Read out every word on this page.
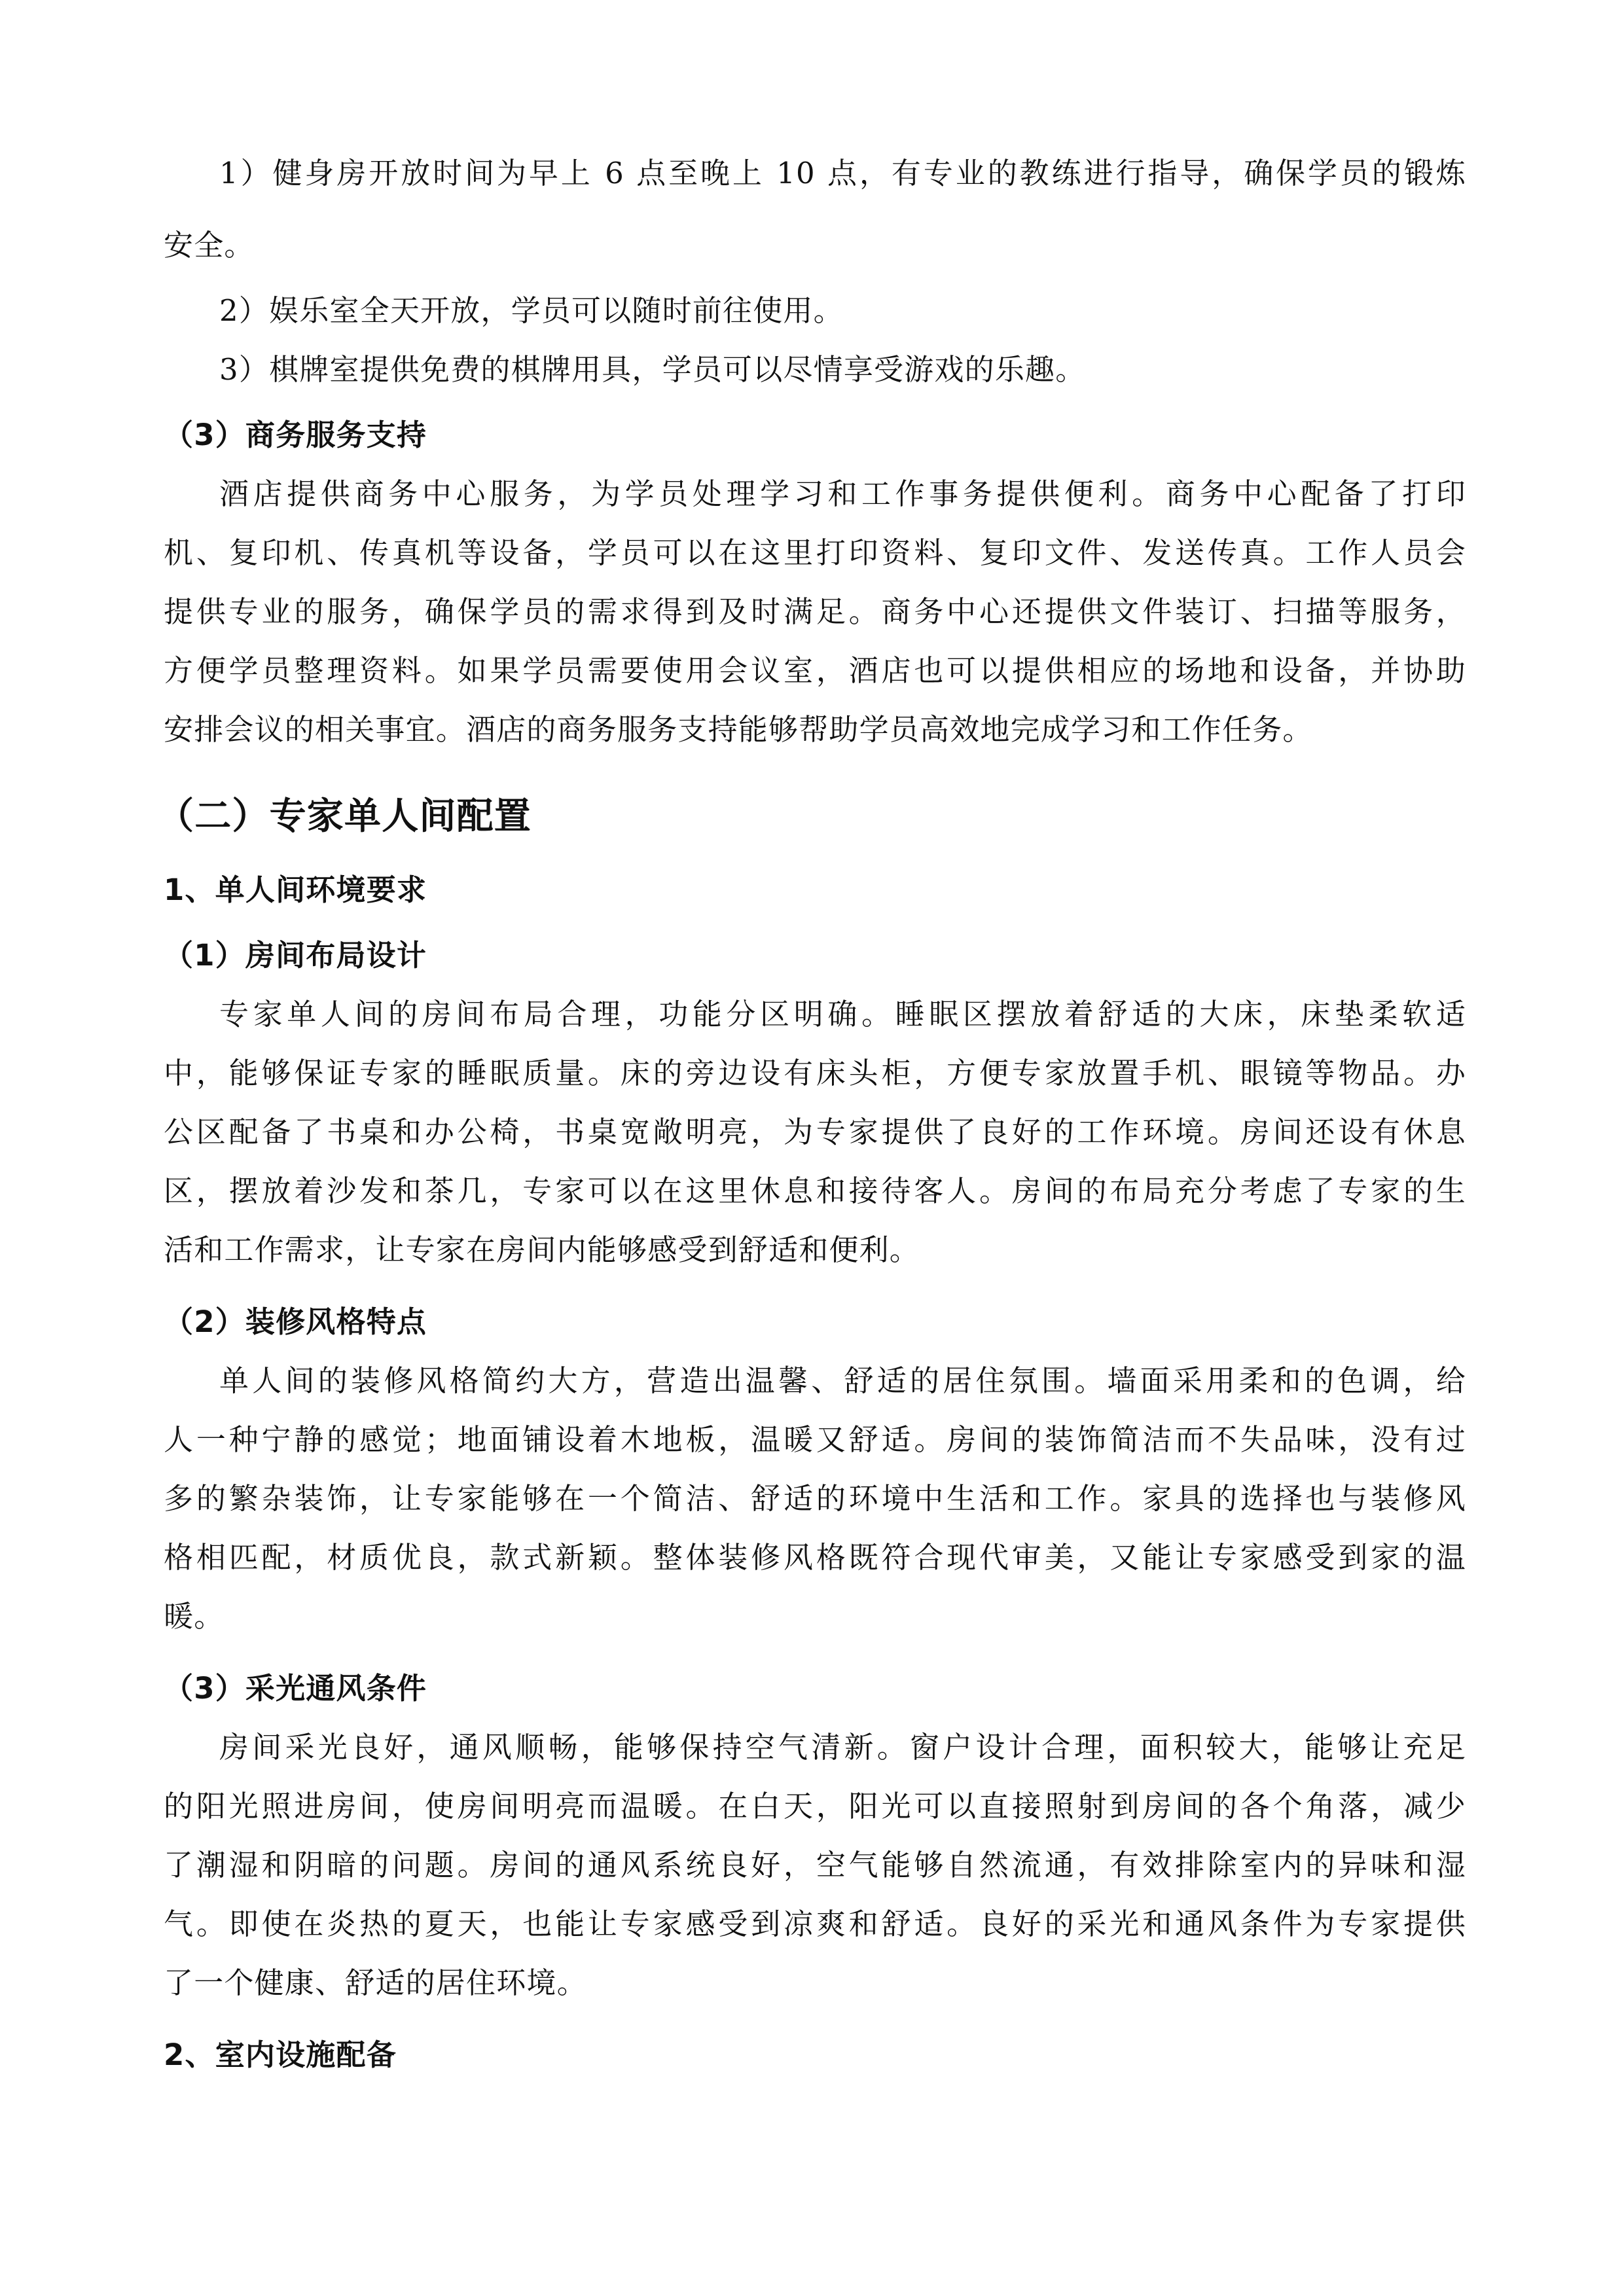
1）健身房开放时间为早上 6 点至晚上 10 点，有专业的教练进行指导，确保学员的锻炼
安全。
2）娱乐室全天开放，学员可以随时前往使用。
3）棋牌室提供免费的棋牌用具，学员可以尽情享受游戏的乐趣。
（3）商务服务支持
酒店提供商务中心服务，为学员处理学习和工作事务提供便利。商务中心配备了打印
机、复印机、传真机等设备，学员可以在这里打印资料、复印文件、发送传真。工作人员会
提供专业的服务，确保学员的需求得到及时满足。商务中心还提供文件装订、扫描等服务，
方便学员整理资料。如果学员需要使用会议室，酒店也可以提供相应的场地和设备，并协助
安排会议的相关事宜。酒店的商务服务支持能够帮助学员高效地完成学习和工作任务。
（二）专家单人间配置
1、单人间环境要求
（1）房间布局设计
专家单人间的房间布局合理，功能分区明确。睡眠区摆放着舒适的大床，床垫柔软适
中，能够保证专家的睡眠质量。床的旁边设有床头柜，方便专家放置手机、眼镜等物品。办
公区配备了书桌和办公椅，书桌宽敞明亮，为专家提供了良好的工作环境。房间还设有休息
区，摆放着沙发和茶几，专家可以在这里休息和接待客人。房间的布局充分考虑了专家的生
活和工作需求，让专家在房间内能够感受到舒适和便利。
（2）装修风格特点
单人间的装修风格简约大方，营造出温馨、舒适的居住氛围。墙面采用柔和的色调，给
人一种宁静的感觉；地面铺设着木地板，温暖又舒适。房间的装饰简洁而不失品味，没有过
多的繁杂装饰，让专家能够在一个简洁、舒适的环境中生活和工作。家具的选择也与装修风
格相匹配，材质优良，款式新颖。整体装修风格既符合现代审美，又能让专家感受到家的温
暖。
（3）采光通风条件
房间采光良好，通风顺畅，能够保持空气清新。窗户设计合理，面积较大，能够让充足
的阳光照进房间，使房间明亮而温暖。在白天，阳光可以直接照射到房间的各个角落，减少
了潮湿和阴暗的问题。房间的通风系统良好，空气能够自然流通，有效排除室内的异味和湿
气。即使在炎热的夏天，也能让专家感受到凉爽和舒适。良好的采光和通风条件为专家提供
了一个健康、舒适的居住环境。
2、室内设施配备
